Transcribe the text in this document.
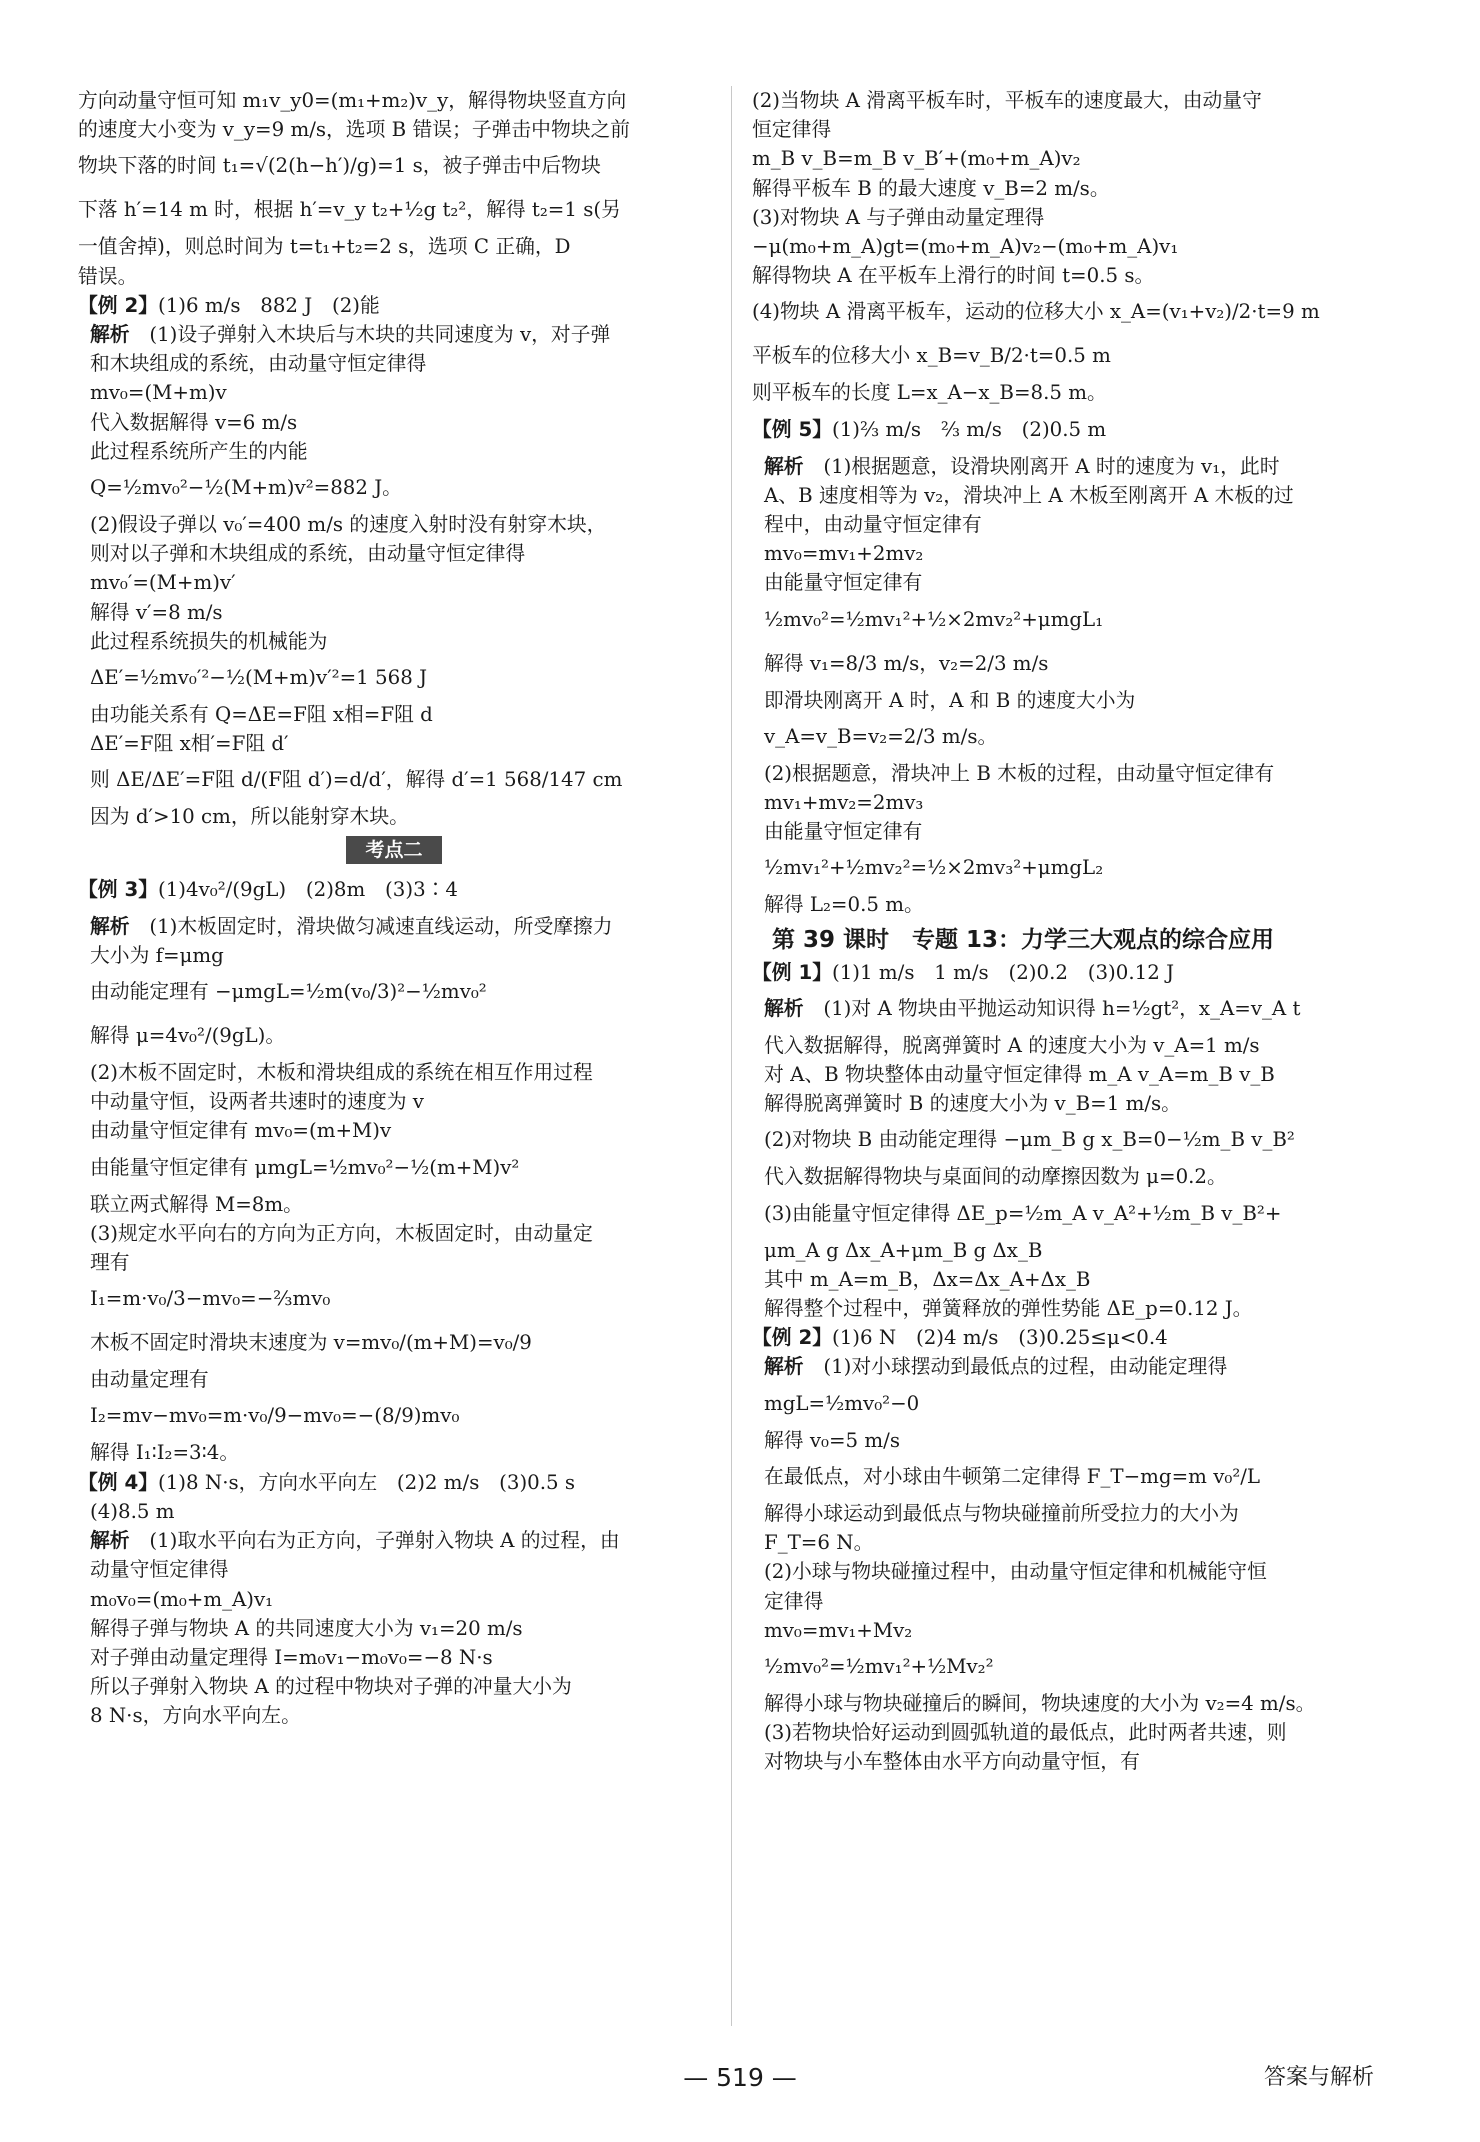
方向动量守恒可知 m₁v_y0=(m₁+m₂)v_y，解得物块竖直方向
的速度大小变为 v_y=9 m/s，选项 B 错误；子弹击中物块之前
物块下落的时间 t₁=√(2(h−h′)/g)=1 s，被子弹击中后物块
下落 h′=14 m 时，根据 h′=v_y t₂+½g t₂²，解得 t₂=1 s(另
一值舍掉)，则总时间为 t=t₁+t₂=2 s，选项 C 正确，D
错误。
【例 2】(1)6 m/s　882 J　(2)能
解析  (1)设子弹射入木块后与木块的共同速度为 v，对子弹
和木块组成的系统，由动量守恒定律得
mv₀=(M+m)v
代入数据解得 v=6 m/s
此过程系统所产生的内能
Q=½mv₀²−½(M+m)v²=882 J。
(2)假设子弹以 v₀′=400 m/s 的速度入射时没有射穿木块，
则对以子弹和木块组成的系统，由动量守恒定律得
mv₀′=(M+m)v′
解得 v′=8 m/s
此过程系统损失的机械能为
ΔE′=½mv₀′²−½(M+m)v′²=1 568 J
由功能关系有 Q=ΔE=F阻 x相=F阻 d
ΔE′=F阻 x相′=F阻 d′
则 ΔE/ΔE′=F阻 d/(F阻 d′)=d/d′，解得 d′=1 568/147 cm
因为 d′>10 cm，所以能射穿木块。
考点二
【例 3】(1)4v₀²/(9gL)　(2)8m　(3)3∶4
解析  (1)木板固定时，滑块做匀减速直线运动，所受摩擦力
大小为 f=μmg
由动能定理有 −μmgL=½m(v₀/3)²−½mv₀²
解得 μ=4v₀²/(9gL)。
(2)木板不固定时，木板和滑块组成的系统在相互作用过程
中动量守恒，设两者共速时的速度为 v
由动量守恒定律有 mv₀=(m+M)v
由能量守恒定律有 μmgL=½mv₀²−½(m+M)v²
联立两式解得 M=8m。
(3)规定水平向右的方向为正方向，木板固定时，由动量定
理有
I₁=m·v₀/3−mv₀=−⅔mv₀
木板不固定时滑块末速度为 v=mv₀/(m+M)=v₀/9
由动量定理有
I₂=mv−mv₀=m·v₀/9−mv₀=−(8/9)mv₀
解得 I₁∶I₂=3∶4。
【例 4】(1)8 N·s，方向水平向左　(2)2 m/s　(3)0.5 s
(4)8.5 m
解析  (1)取水平向右为正方向，子弹射入物块 A 的过程，由
动量守恒定律得
m₀v₀=(m₀+m_A)v₁
解得子弹与物块 A 的共同速度大小为 v₁=20 m/s
对子弹由动量定理得 I=m₀v₁−m₀v₀=−8 N·s
所以子弹射入物块 A 的过程中物块对子弹的冲量大小为
8 N·s，方向水平向左。
(2)当物块 A 滑离平板车时，平板车的速度最大，由动量守
恒定律得
m_B v_B=m_B v_B′+(m₀+m_A)v₂
解得平板车 B 的最大速度 v_B=2 m/s。
(3)对物块 A 与子弹由动量定理得
−μ(m₀+m_A)gt=(m₀+m_A)v₂−(m₀+m_A)v₁
解得物块 A 在平板车上滑行的时间 t=0.5 s。
(4)物块 A 滑离平板车，运动的位移大小 x_A=(v₁+v₂)/2·t=9 m
平板车的位移大小 x_B=v_B/2·t=0.5 m
则平板车的长度 L=x_A−x_B=8.5 m。
【例 5】(1)⅔ m/s　⅔ m/s　(2)0.5 m
解析  (1)根据题意，设滑块刚离开 A 时的速度为 v₁，此时
A、B 速度相等为 v₂，滑块冲上 A 木板至刚离开 A 木板的过
程中，由动量守恒定律有
mv₀=mv₁+2mv₂
由能量守恒定律有
½mv₀²=½mv₁²+½×2mv₂²+μmgL₁
解得 v₁=8/3 m/s，v₂=2/3 m/s
即滑块刚离开 A 时，A 和 B 的速度大小为
v_A=v_B=v₂=2/3 m/s。
(2)根据题意，滑块冲上 B 木板的过程，由动量守恒定律有
mv₁+mv₂=2mv₃
由能量守恒定律有
½mv₁²+½mv₂²=½×2mv₃²+μmgL₂
解得 L₂=0.5 m。
第 39 课时　专题 13：力学三大观点的综合应用
【例 1】(1)1 m/s　1 m/s　(2)0.2　(3)0.12 J
解析  (1)对 A 物块由平抛运动知识得 h=½gt²，x_A=v_A t
代入数据解得，脱离弹簧时 A 的速度大小为 v_A=1 m/s
对 A、B 物块整体由动量守恒定律得 m_A v_A=m_B v_B
解得脱离弹簧时 B 的速度大小为 v_B=1 m/s。
(2)对物块 B 由动能定理得 −μm_B g x_B=0−½m_B v_B²
代入数据解得物块与桌面间的动摩擦因数为 μ=0.2。
(3)由能量守恒定律得 ΔE_p=½m_A v_A²+½m_B v_B²+
μm_A g Δx_A+μm_B g Δx_B
其中 m_A=m_B，Δx=Δx_A+Δx_B
解得整个过程中，弹簧释放的弹性势能 ΔE_p=0.12 J。
【例 2】(1)6 N　(2)4 m/s　(3)0.25≤μ<0.4
解析  (1)对小球摆动到最低点的过程，由动能定理得
mgL=½mv₀²−0
解得 v₀=5 m/s
在最低点，对小球由牛顿第二定律得 F_T−mg=m v₀²/L
解得小球运动到最低点与物块碰撞前所受拉力的大小为
F_T=6 N。
(2)小球与物块碰撞过程中，由动量守恒定律和机械能守恒
定律得
mv₀=mv₁+Mv₂
½mv₀²=½mv₁²+½Mv₂²
解得小球与物块碰撞后的瞬间，物块速度的大小为 v₂=4 m/s。
(3)若物块恰好运动到圆弧轨道的最低点，此时两者共速，则
对物块与小车整体由水平方向动量守恒，有
— 519 —	答案与解析
